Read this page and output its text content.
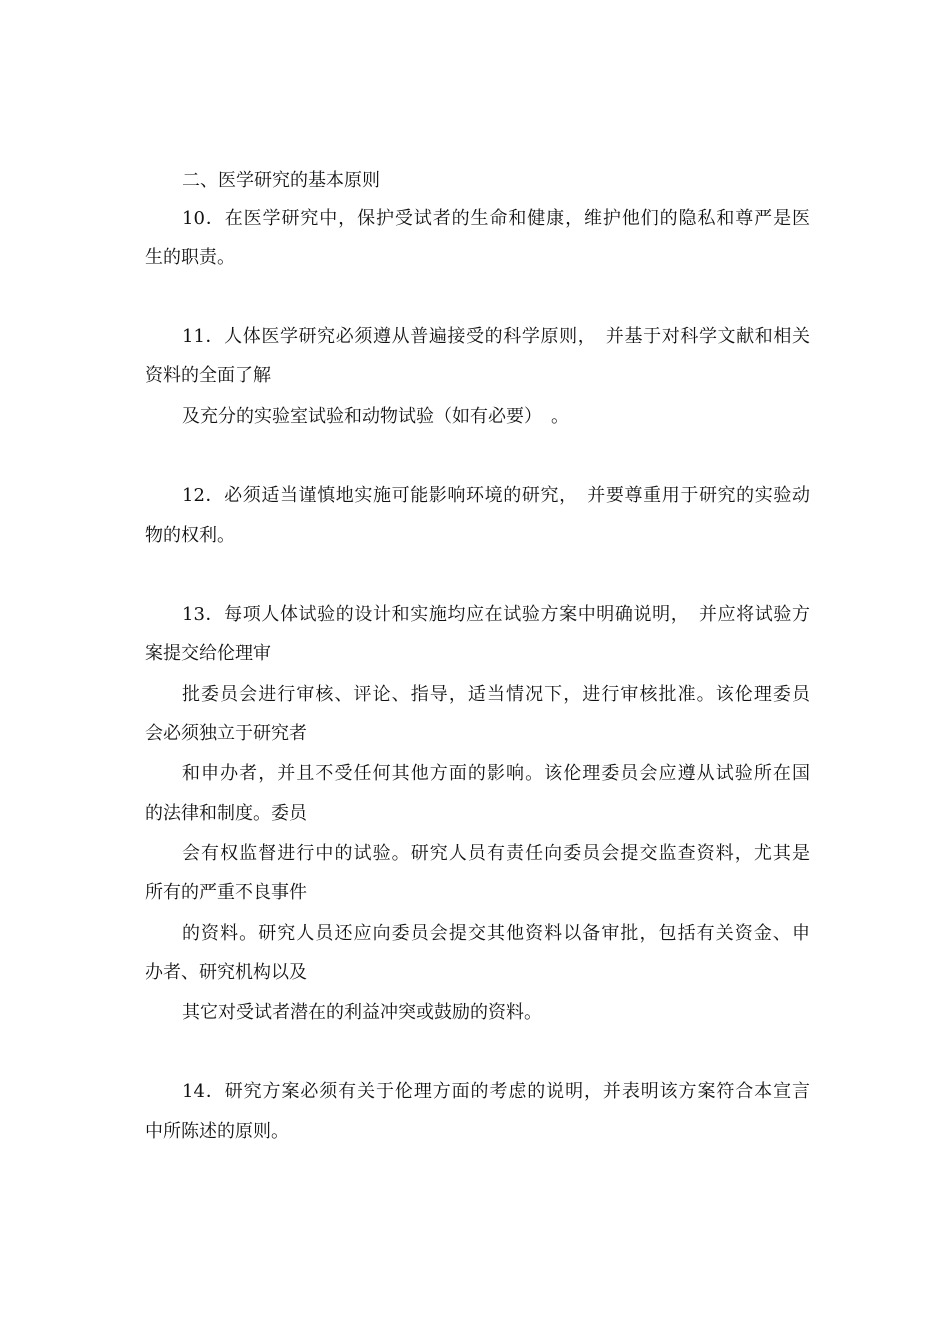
二、医学研究的基本原则
10．在医学研究中，保护受试者的生命和健康，维护他们的隐私和尊严是医
生的职责。
11．人体医学研究必须遵从普遍接受的科学原则，　并基于对科学文献和相关
资料的全面了解
及充分的实验室试验和动物试验（如有必要）　。
12．必须适当谨慎地实施可能影响环境的研究，　并要尊重用于研究的实验动
物的权利。
13．每项人体试验的设计和实施均应在试验方案中明确说明，　并应将试验方
案提交给伦理审
批委员会进行审核、评论、指导，适当情况下，进行审核批准。该伦理委员
会必须独立于研究者
和申办者，并且不受任何其他方面的影响。该伦理委员会应遵从试验所在国
的法律和制度。委员
会有权监督进行中的试验。研究人员有责任向委员会提交监查资料，尤其是
所有的严重不良事件
的资料。研究人员还应向委员会提交其他资料以备审批，包括有关资金、申
办者、研究机构以及
其它对受试者潜在的利益冲突或鼓励的资料。
14．研究方案必须有关于伦理方面的考虑的说明，并表明该方案符合本宣言
中所陈述的原则。
